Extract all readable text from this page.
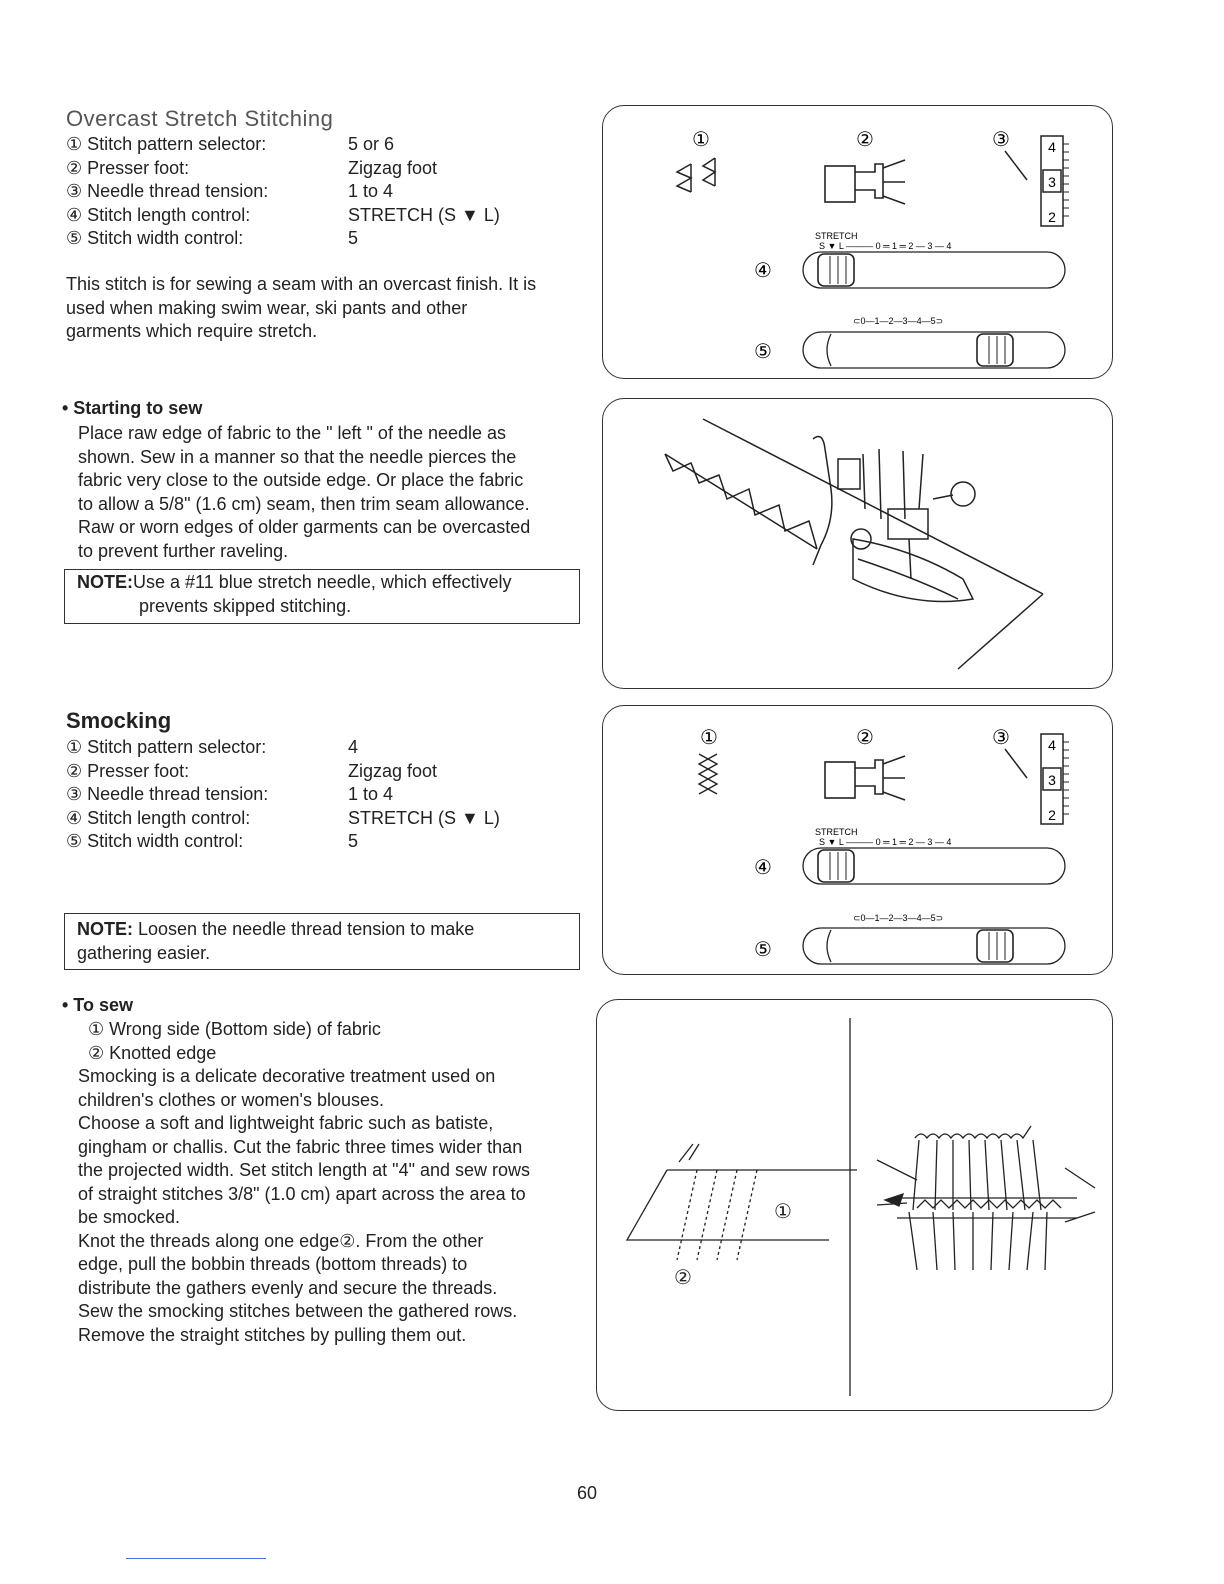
Overcast Stretch Stitching
① Stitch pattern selector:	5 or 6
② Presser foot:	Zigzag foot
③ Needle thread tension:	1 to 4
④ Stitch length control:	STRETCH (S ▼ L)
⑤ Stitch width control:	5

This stitch is for sewing a seam with an overcast finish. It is

used when making swim wear, ski pants and other

garments which require stretch.

• Starting to sew

Place raw edge of fabric to the " left " of the needle as

shown. Sew in a manner so that the needle pierces the

fabric very close to the outside edge. Or place the fabric

to allow a 5/8" (1.6 cm) seam, then trim seam allowance.

Raw or worn edges of older garments can be overcasted

to prevent further raveling.

NOTE:Use a #11 blue stretch needle, which effectively
prevents skipped stitching.
Smocking
① Stitch pattern selector:	4
② Presser foot:	Zigzag foot
③ Needle thread tension:	1 to 4
④ Stitch length control:	STRETCH (S ▼ L)
⑤ Stitch width control:	5
NOTE: Loosen the needle thread tension to make
gathering easier.
• To sew

① Wrong side (Bottom side) of fabric

② Knotted edge

Smocking is a delicate decorative treatment used on

children's clothes or women's blouses.

Choose a soft and lightweight fabric such as batiste,

gingham or challis. Cut the fabric three times wider than

the projected width. Set stitch length at "4" and sew rows

of straight stitches 3/8" (1.0 cm) apart across the area to

be smocked.

Knot the threads along one edge②. From the other

edge, pull the bobbin threads (bottom threads) to

distribute the gathers evenly and secure the threads.

Sew the smocking stitches between the gathered rows.

Remove the straight stitches by pulling them out.

①	②	③	4
3
2
STRETCH
S ▼ L ——— 0 ═ 1 ═ 2 — 3 — 4
④
⊂0—1—2—3—4—5⊃
⑤
①	②	③	4
3
2
STRETCH
S ▼ L ——— 0 ═ 1 ═ 2 — 3 — 4
④
⊂0—1—2—3—4—5⊃
⑤
①
②
60
